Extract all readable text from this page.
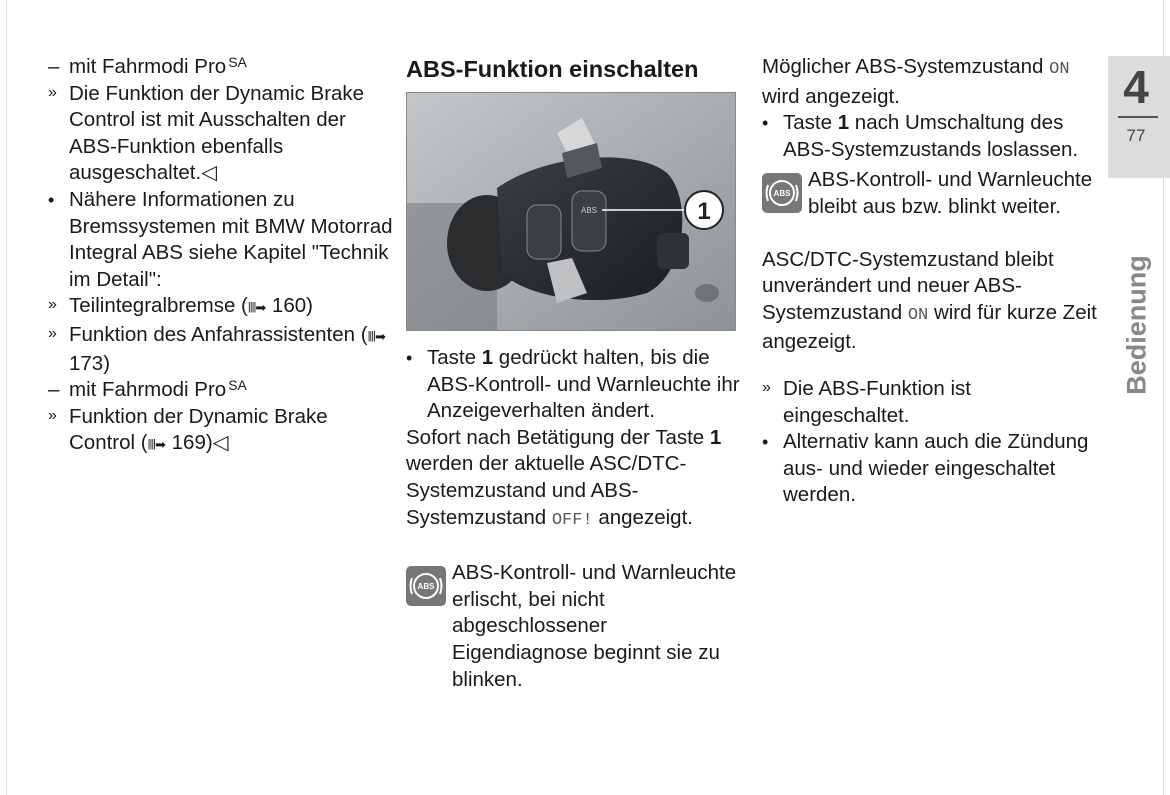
– mit Fahrmodi Pro $^{SA}$
» Die Funktion der Dynamic Brake Control ist mit Ausschalten der ABS-Funktion ebenfalls ausgeschaltet.◁
• Nähere Informationen zu Bremssystemen mit BMW Motorrad Integral ABS siehe Kapitel "Technik im Detail":
» Teilintegralbremse (||||➡ 160)
» Funktion des Anfahrassistenten (||||➡ 173)
– mit Fahrmodi Pro $^{SA}$
» Funktion der Dynamic Brake Control (||||➡ 169)◁
ABS-Funktion einschalten
ABS	1
• Taste 1 gedrückt halten, bis die ABS-Kontroll- und Warnleuchte ihr Anzeigeverhalten ändert.
Sofort nach Betätigung der Taste 1 werden der aktuelle ASC/DTC-Systemzustand und ABS-Systemzustand OFF! angezeigt.
ABS
ABS-Kontroll- und Warnleuchte erlischt, bei nicht abgeschlossener Eigendiagnose beginnt sie zu blinken.
Möglicher ABS-Systemzustand ON wird angezeigt.
• Taste 1 nach Umschaltung des ABS-Systemzustands loslassen.
ABS
ABS-Kontroll- und Warnleuchte bleibt aus bzw. blinkt weiter.
ASC/DTC-Systemzustand bleibt unverändert und neuer ABS-Systemzustand ON wird für kurze Zeit angezeigt.
» Die ABS-Funktion ist eingeschaltet.
• Alternativ kann auch die Zündung aus- und wieder eingeschaltet werden.
4
77
Bedienung
